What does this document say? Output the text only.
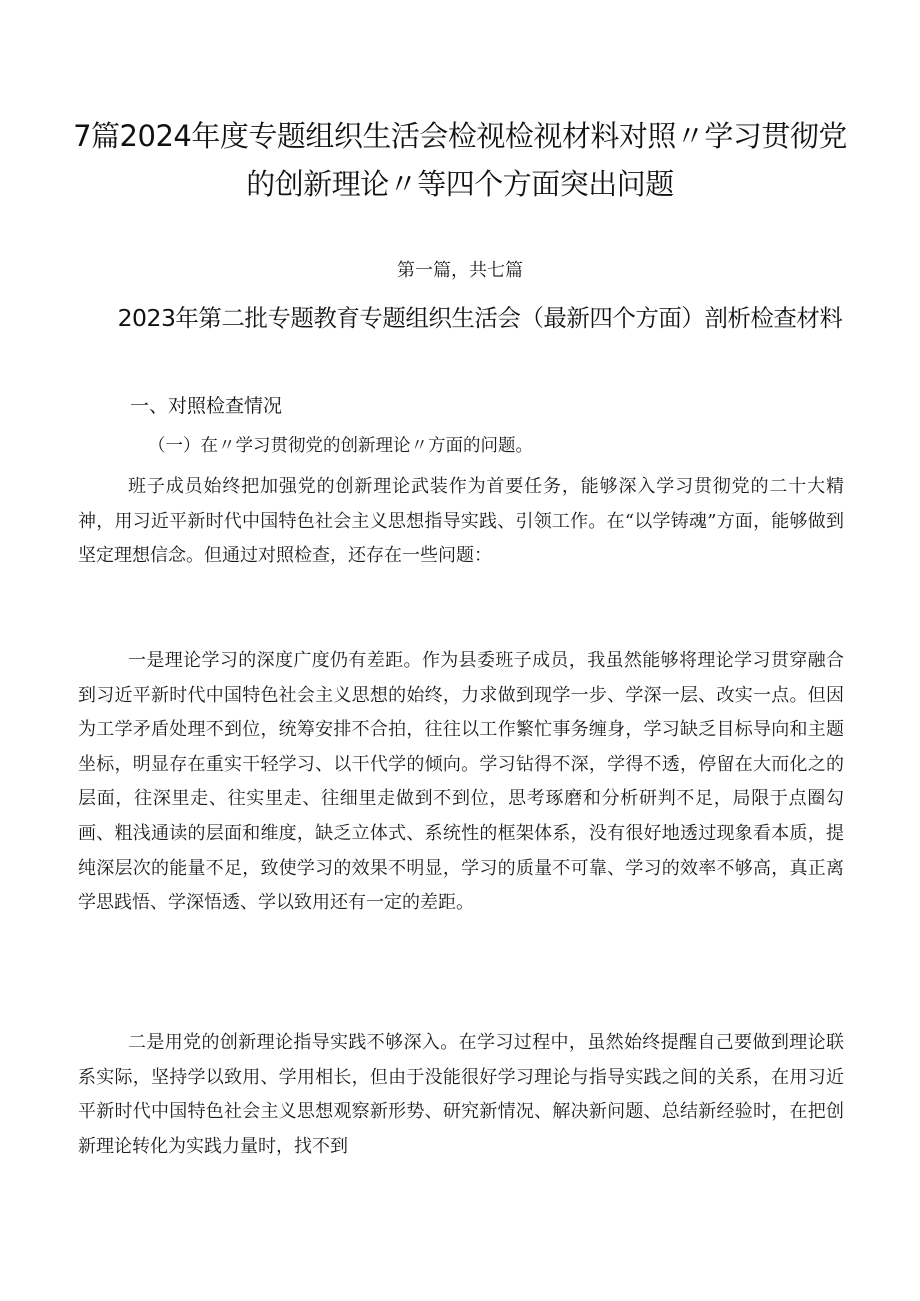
7篇2024年度专题组织生活会检视检视材料对照〃学习贯彻党的创新理论〃等四个方面突出问题
第一篇，共七篇
2023年第二批专题教育专题组织生活会（最新四个方面）剖析检查材料
一、对照检查情况
（一）在〃学习贯彻党的创新理论〃方面的问题。

班子成员始终把加强党的创新理论武装作为首要任务，能够深入学习贯彻党的二十大精神，用习近平新时代中国特色社会主义思想指导实践、引领工作。在“以学铸魂”方面，能够做到坚定理想信念。但通过对照检查，还存在一些问题：

一是理论学习的深度广度仍有差距。作为县委班子成员，我虽然能够将理论学习贯穿融合到习近平新时代中国特色社会主义思想的始终，力求做到现学一步、学深一层、改实一点。但因为工学矛盾处理不到位，统筹安排不合拍，往往以工作繁忙事务缠身，学习缺乏目标导向和主题坐标，明显存在重实干轻学习、以干代学的倾向。学习钻得不深，学得不透，停留在大而化之的层面，往深里走、往实里走、往细里走做到不到位，思考琢磨和分析研判不足，局限于点圈勾画、粗浅通读的层面和维度，缺乏立体式、系统性的框架体系，没有很好地透过现象看本质，提纯深层次的能量不足，致使学习的效果不明显，学习的质量不可靠、学习的效率不够高，真正离学思践悟、学深悟透、学以致用还有一定的差距。

二是用党的创新理论指导实践不够深入。在学习过程中，虽然始终提醒自己要做到理论联系实际，坚持学以致用、学用相长，但由于没能很好学习理论与指导实践之间的关系，在用习近平新时代中国特色社会主义思想观察新形势、研究新情况、解决新问题、总结新经验时，在把创新理论转化为实践力量时，找不到
